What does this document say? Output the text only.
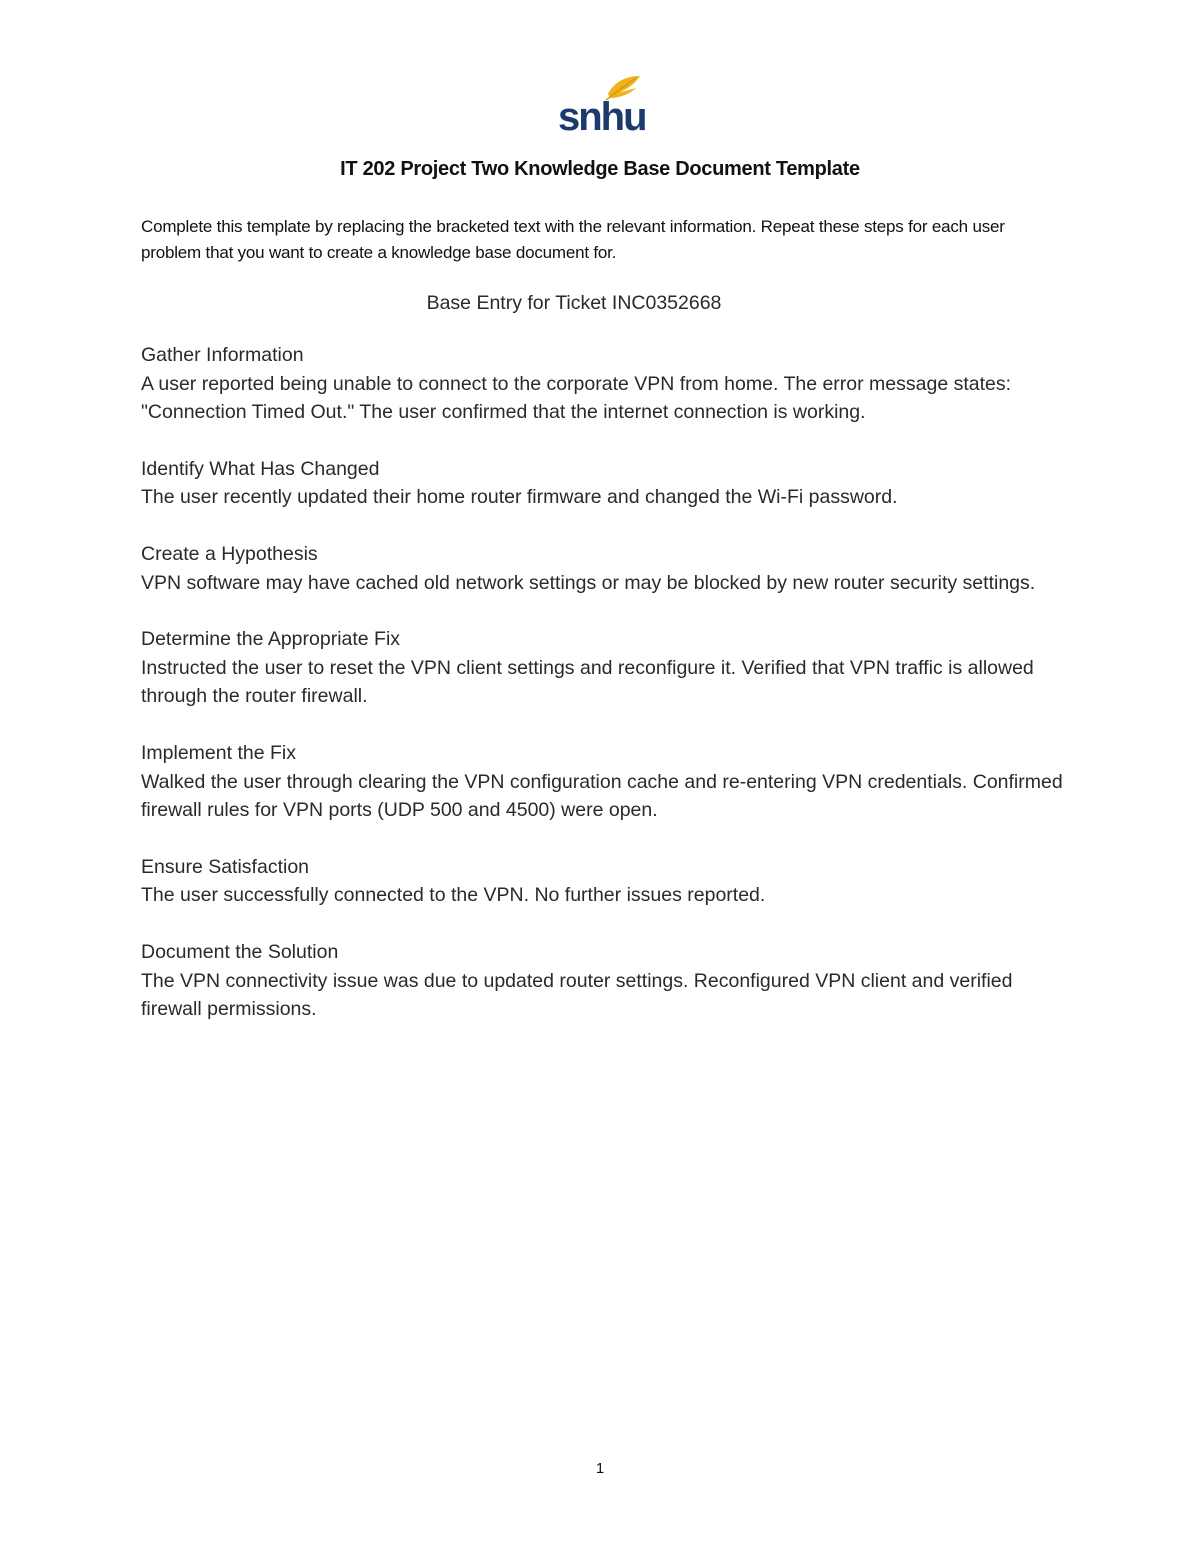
snhu
IT 202 Project Two Knowledge Base Document Template
Complete this template by replacing the bracketed text with the relevant information. Repeat these steps for each user problem that you want to create a knowledge base document for.
Base Entry for Ticket INC0352668
Gather Information
A user reported being unable to connect to the corporate VPN from home. The error message states: "Connection Timed Out." The user confirmed that the internet connection is working.
Identify What Has Changed
The user recently updated their home router firmware and changed the Wi-Fi password.
Create a Hypothesis
VPN software may have cached old network settings or may be blocked by new router security settings.
Determine the Appropriate Fix
Instructed the user to reset the VPN client settings and reconfigure it. Verified that VPN traffic is allowed through the router firewall.
Implement the Fix
Walked the user through clearing the VPN configuration cache and re-entering VPN credentials. Confirmed firewall rules for VPN ports (UDP 500 and 4500) were open.
Ensure Satisfaction
The user successfully connected to the VPN. No further issues reported.
Document the Solution
The VPN connectivity issue was due to updated router settings. Reconfigured VPN client and verified firewall permissions.
1
